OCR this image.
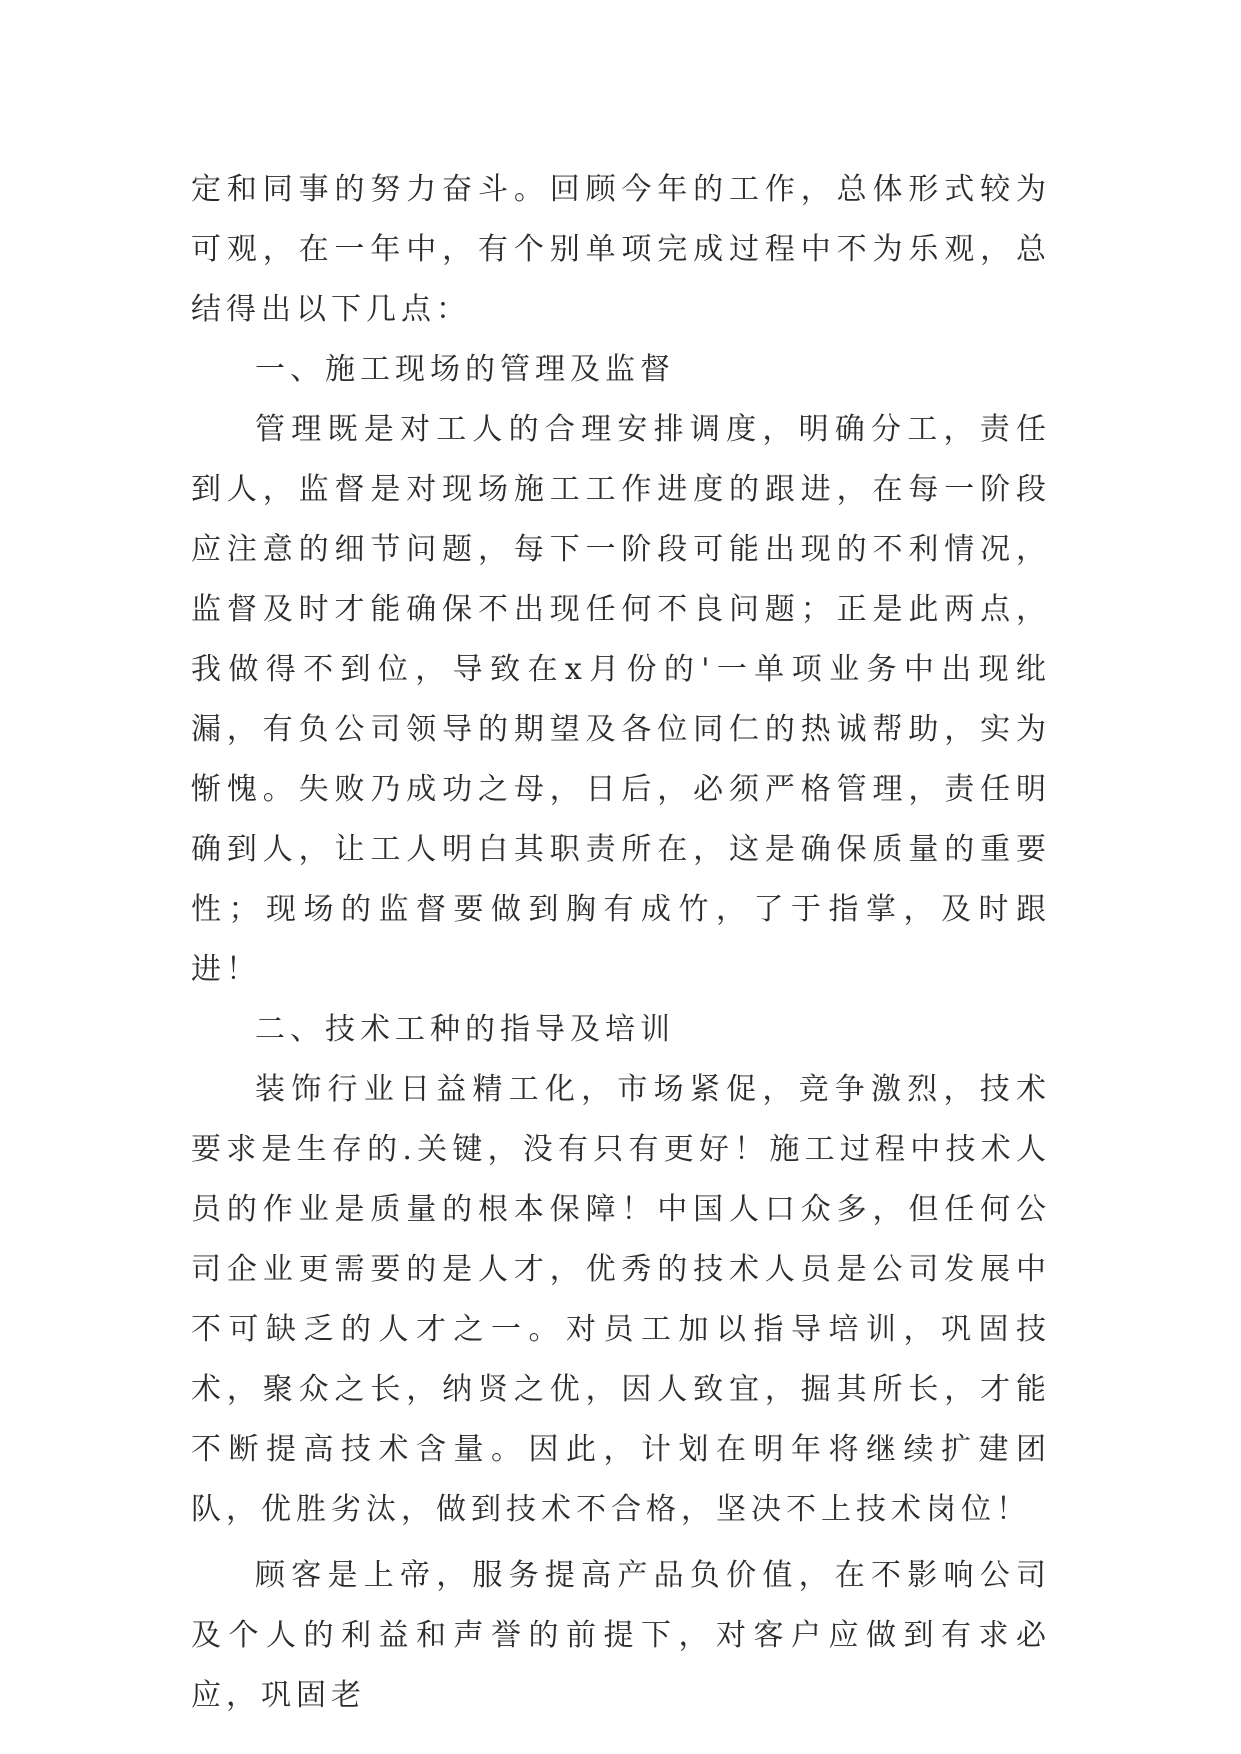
定和同事的努力奋斗。回顾今年的工作，总体形式较为可观，在一年中，有个别单项完成过程中不为乐观，总结得出以下几点：

一、施工现场的管理及监督

管理既是对工人的合理安排调度，明确分工，责任到人，监督是对现场施工工作进度的跟进，在每一阶段应注意的细节问题，每下一阶段可能出现的不利情况，监督及时才能确保不出现任何不良问题；正是此两点，我做得不到位，导致在x月份的'一单项业务中出现纰漏，有负公司领导的期望及各位同仁的热诚帮助，实为惭愧。失败乃成功之母，日后，必须严格管理，责任明确到人，让工人明白其职责所在，这是确保质量的重要性；现场的监督要做到胸有成竹，了于指掌，及时跟进！

二、技术工种的指导及培训

装饰行业日益精工化，市场紧促，竞争激烈，技术要求是生存的.关键，没有只有更好！施工过程中技术人员的作业是质量的根本保障！中国人口众多，但任何公司企业更需要的是人才，优秀的技术人员是公司发展中不可缺乏的人才之一。对员工加以指导培训，巩固技术，聚众之长，纳贤之优，因人致宜，掘其所长，才能不断提高技术含量。因此，计划在明年将继续扩建团队，优胜劣汰，做到技术不合格，坚决不上技术岗位！

顾客是上帝，服务提高产品负价值，在不影响公司及个人的利益和声誉的前提下，对客户应做到有求必应，巩固老
